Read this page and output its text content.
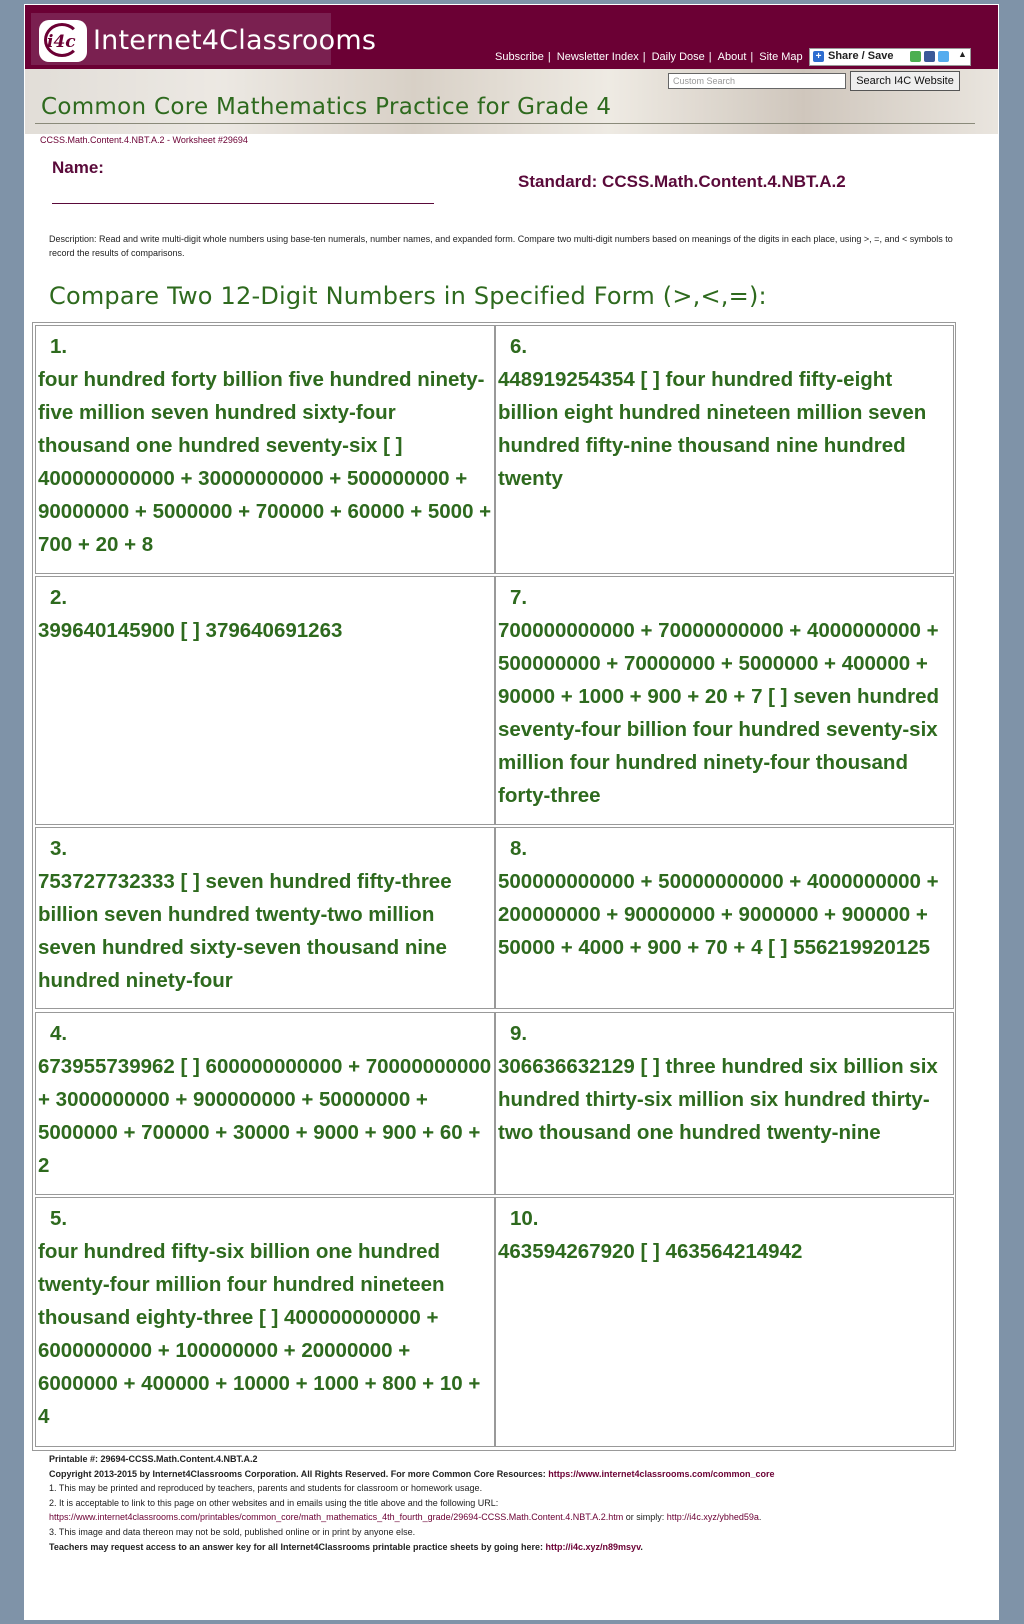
i4c Internet4Classrooms
Subscribe | Newsletter Index | Daily Dose | About | Site Map + Share / Save	▲

Custom Search	Search I4C Website
Common Core Mathematics Practice for Grade 4
CCSS.Math.Content.4.NBT.A.2 - Worksheet #29694
Name:
Standard: CCSS.Math.Content.4.NBT.A.2
Description: Read and write multi-digit whole numbers using base-ten numerals, number names, and expanded form. Compare two multi-digit numbers based on meanings of the digits in each place, using >, =, and < symbols to record the results of comparisons.
Compare Two 12-Digit Numbers in Specified Form (>,<,=):
1.
four hundred forty billion five hundred ninety-five million seven hundred sixty-four thousand one hundred seventy-six [ ] 400000000000 + 30000000000 + 500000000 + 90000000 + 5000000 + 700000 + 60000 + 5000 + 700 + 20 + 8
2.
399640145900 [ ] 379640691263
3.
753727732333 [ ] seven hundred fifty-three billion seven hundred twenty-two million seven hundred sixty-seven thousand nine hundred ninety-four
4.
673955739962 [ ] 600000000000 + 70000000000 + 3000000000 + 900000000 + 50000000 + 5000000 + 700000 + 30000 + 9000 + 900 + 60 + 2
5.
four hundred fifty-six billion one hundred twenty-four million four hundred nineteen thousand eighty-three [ ] 400000000000 + 6000000000 + 100000000 + 20000000 + 6000000 + 400000 + 10000 + 1000 + 800 + 10 + 4
6.
448919254354 [ ] four hundred fifty-eight billion eight hundred nineteen million seven hundred fifty-nine thousand nine hundred twenty
7.
700000000000 + 70000000000 + 4000000000 + 500000000 + 70000000 + 5000000 + 400000 + 90000 + 1000 + 900 + 20 + 7 [ ] seven hundred seventy-four billion four hundred seventy-six million four hundred ninety-four thousand forty-three
8.
500000000000 + 50000000000 + 4000000000 + 200000000 + 90000000 + 9000000 + 900000 + 50000 + 4000 + 900 + 70 + 4 [ ] 556219920125
9.
306636632129 [ ] three hundred six billion six hundred thirty-six million six hundred thirty-two thousand one hundred twenty-nine
10.
463594267920 [ ] 463564214942
Printable #: 29694-CCSS.Math.Content.4.NBT.A.2
Copyright 2013-2015 by Internet4Classrooms Corporation. All Rights Reserved. For more Common Core Resources: https://www.internet4classrooms.com/common_core
1. This may be printed and reproduced by teachers, parents and students for classroom or homework usage.
2. It is acceptable to link to this page on other websites and in emails using the title above and the following URL:
https://www.internet4classrooms.com/printables/common_core/math_mathematics_4th_fourth_grade/29694-CCSS.Math.Content.4.NBT.A.2.htm or simply: http://i4c.xyz/ybhed59a.
3. This image and data thereon may not be sold, published online or in print by anyone else.
Teachers may request access to an answer key for all Internet4Classrooms printable practice sheets by going here: http://i4c.xyz/n89msyv.
